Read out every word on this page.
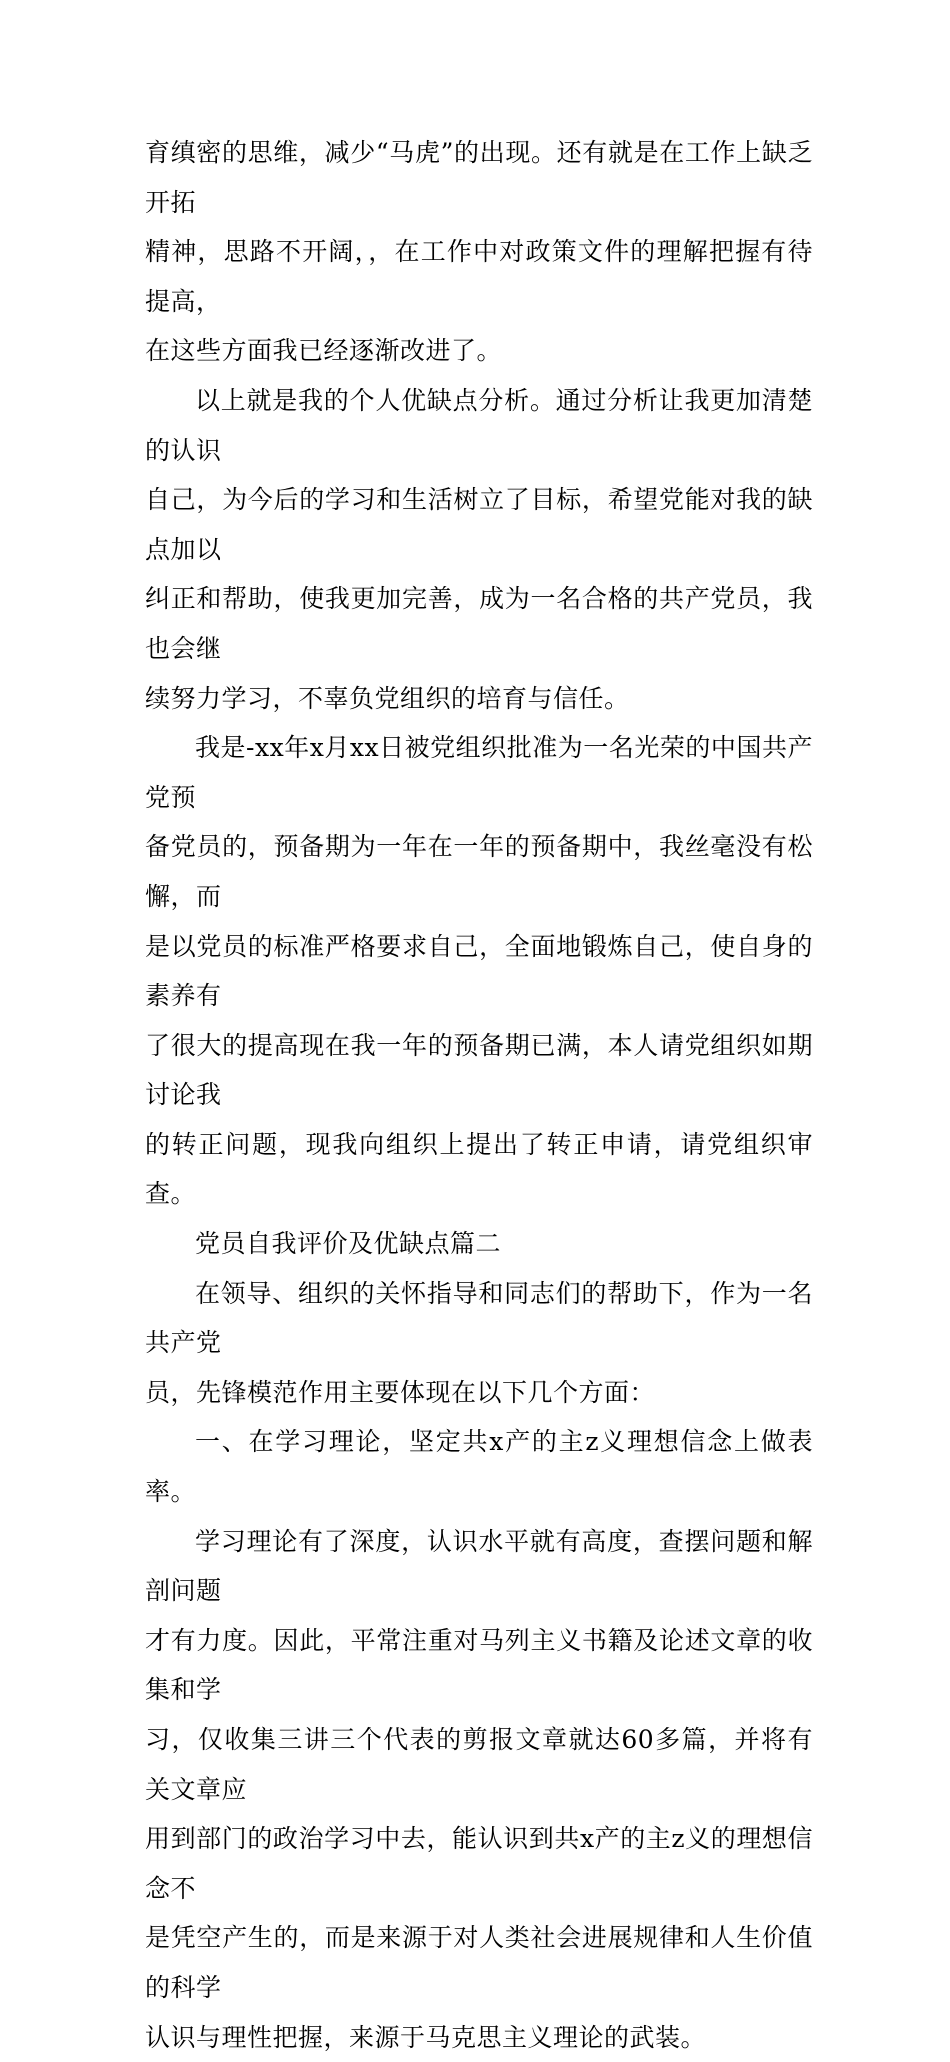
育缜密的思维，减少“马虎”的出现。还有就是在工作上缺乏开拓
精神，思路不开阔，，在工作中对政策文件的理解把握有待提高，
在这些方面我已经逐渐改进了。

以上就是我的个人优缺点分析。通过分析让我更加清楚的认识
自己，为今后的学习和生活树立了目标，希望党能对我的缺点加以
纠正和帮助，使我更加完善，成为一名合格的共产党员，我也会继
续努力学习，不辜负党组织的培育与信任。

我是-xx年x月xx日被党组织批准为一名光荣的中国共产党预
备党员的，预备期为一年在一年的预备期中，我丝毫没有松懈，而
是以党员的标准严格要求自己，全面地锻炼自己，使自身的素养有
了很大的提高现在我一年的预备期已满，本人请党组织如期讨论我
的转正问题，现我向组织上提出了转正申请，请党组织审查。

党员自我评价及优缺点篇二

在领导、组织的关怀指导和同志们的帮助下，作为一名共产党
员，先锋模范作用主要体现在以下几个方面：

一、在学习理论，坚定共x产的主z义理想信念上做表率。

学习理论有了深度，认识水平就有高度，查摆问题和解剖问题
才有力度。因此，平常注重对马列主义书籍及论述文章的收集和学
习，仅收集三讲三个代表的剪报文章就达60多篇，并将有关文章应
用到部门的政治学习中去，能认识到共x产的主z义的理想信念不
是凭空产生的，而是来源于对人类社会进展规律和人生价值的科学
认识与理性把握，来源于马克思主义理论的武装。
